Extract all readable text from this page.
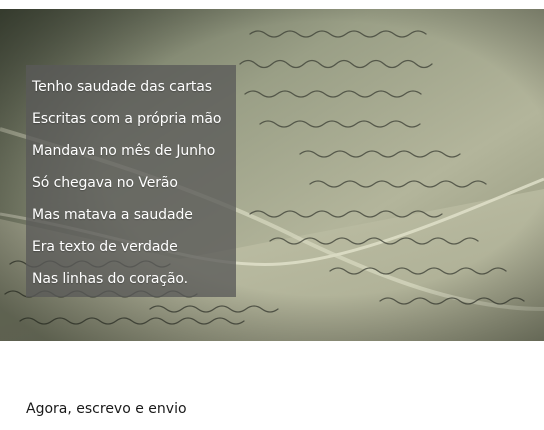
Tenho saudade das cartas
Escritas com a própria mão
Mandava no mês de Junho
Só chegava no Verão
Mas matava a saudade
Era texto de verdade
Nas linhas do coração.
Agora, escrevo e envio
